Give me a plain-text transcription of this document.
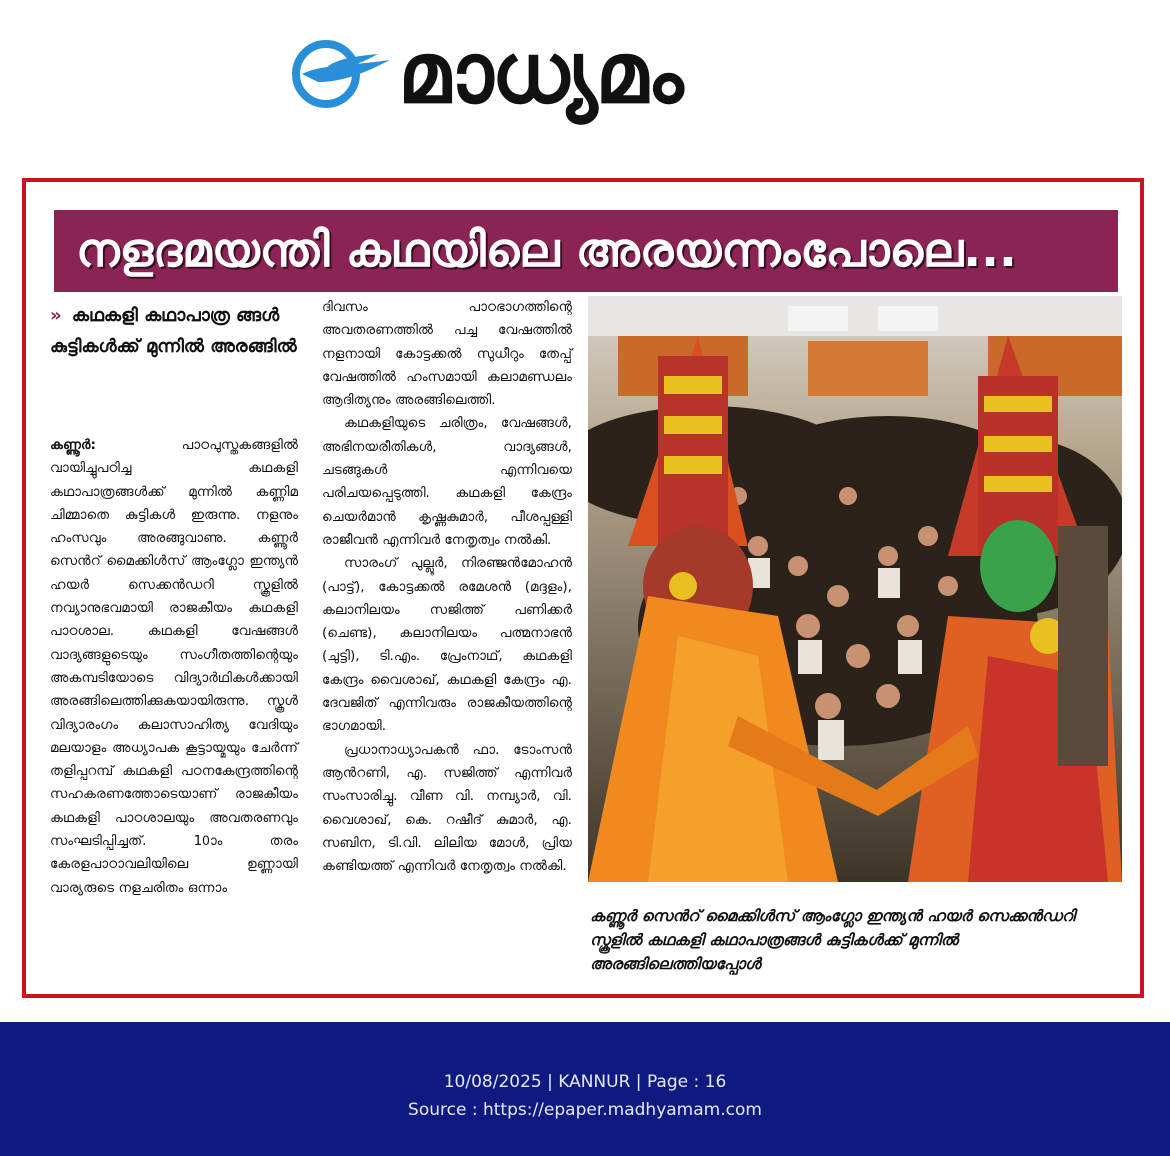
മാധ്യമം
നളദമയന്തി കഥയിലെ അരയന്നംപോലെ...
» കഥകളി കഥാപാത്ര ങ്ങൾ കുട്ടികൾക്ക് മുന്നിൽ അരങ്ങിൽ

കണ്ണൂർ:	പാഠപുസ്തകങ്ങളിൽ വായിച്ചുപഠിച്ച കഥകളി കഥാപാത്രങ്ങൾക്ക് മുന്നിൽ കണ്ണിമ ചിമ്മാതെ കുട്ടികൾ ഇരുന്നു. നളനും ഹംസവും അരങ്ങുവാണു. കണ്ണൂർ സെൻറ് മൈക്കിൾസ് ആംഗ്ലോ ഇന്ത്യൻ ഹയർ സെക്കൻഡറി സ്കൂളിൽ നവ്യാനുഭവമായി രാജകീയം കഥകളി പാഠശാല. കഥകളി വേഷങ്ങൾ വാദ്യങ്ങളുടെയും സംഗീതത്തിന്റെയും അകമ്പടിയോടെ വിദ്യാർഥികൾക്കായി അരങ്ങിലെത്തിക്കുകയായിരുന്നു. സ്കൂൾ വിദ്യാരംഗം കലാസാഹിത്യ വേദിയും മലയാളം അധ്യാപക കൂട്ടായ്മയും ചേർന്ന് തളിപ്പറമ്പ് കഥകളി പഠനകേന്ദ്രത്തിന്റെ സഹകരണത്തോടെയാണ് രാജകീയം കഥകളി പാഠശാലയും അവതരണവും സംഘടിപ്പിച്ചത്. 10ാം തരം കേരളപാഠാവലിയിലെ ഉണ്ണായി വാര്യരുടെ നളചരിതം ഒന്നാം

ദിവസം പാഠഭാഗത്തിന്റെ അവതരണത്തിൽ പച്ച വേഷത്തിൽ നളനായി കോട്ടക്കൽ സുധീറും തേപ്പ് വേഷത്തിൽ ഹംസമായി കലാമണ്ഡലം ആദിത്യനും അരങ്ങിലെത്തി.

കഥകളിയുടെ ചരിത്രം, വേഷങ്ങൾ, അഭിനയരീതികൾ, വാദ്യങ്ങൾ, ചടങ്ങുകൾ എന്നിവയെ പരിചയപ്പെടുത്തി. കഥകളി കേന്ദ്രം ചെയർമാൻ കൃഷ്ണകുമാർ, പീശപ്പള്ളി രാജീവൻ എന്നിവർ നേതൃത്വം നൽകി.

സാരംഗ് പുല്ലൂർ, നിരഞ്ജൻമോഹൻ (പാട്ട്), കോട്ടക്കൽ രമേശൻ (മദ്ദളം), കലാനിലയം സജിത്ത് പണിക്കർ (ചെണ്ട), കലാനിലയം പത്മനാഭൻ (ചുട്ടി), ടി.എം. പ്രേംനാഥ്, കഥകളി കേന്ദ്രം വൈശാഖ്, കഥകളി കേന്ദ്രം എ. ദേവജിത് എന്നിവരും രാജകീയത്തിന്റെ ഭാഗമായി.

പ്രധാനാധ്യാപകൻ ഫാ. ടോംസൻ ആൻറണി, എ. സജിത്ത് എന്നിവർ സംസാരിച്ചു. വീണ വി. നമ്പ്യാർ, വി. വൈശാഖ്, കെ. റഷീദ് കുമാർ, എ. സബിന, ടി.വി. ലിലിയ മോൾ, പ്രിയ കണ്ടിയത്ത് എന്നിവർ നേതൃത്വം നൽകി.

കണ്ണൂർ സെൻറ് മൈക്കിൾസ് ആംഗ്ലോ ഇന്ത്യൻ ഹയർ സെക്കൻഡറി സ്കൂളിൽ കഥകളി കഥാപാത്രങ്ങൾ കുട്ടികൾക്ക് മുന്നിൽ അരങ്ങിലെത്തിയപ്പോൾ
10/08/2025 | KANNUR | Page : 16
Source : https://epaper.madhyamam.com
